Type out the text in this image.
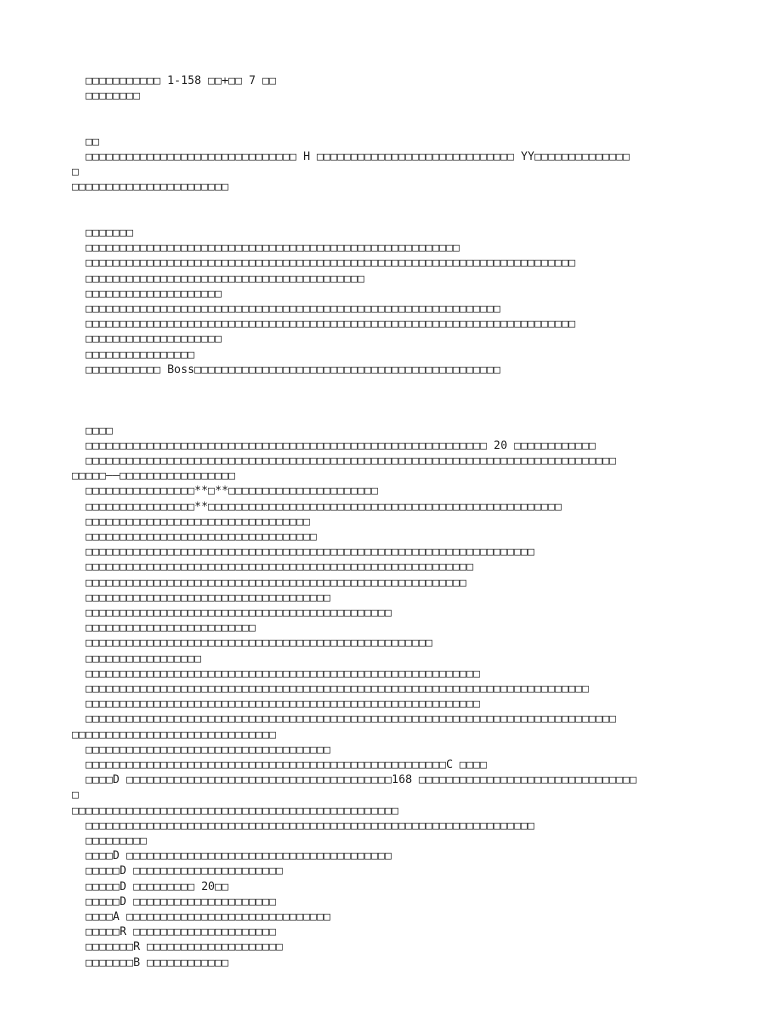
□□□□□□□□□□□ 1-158 □□+□□ 7 □□
□□□□□□□□
□□
□□□□□□□□□□□□□□□□□□□□□□□□□□□□□□□ H □□□□□□□□□□□□□□□□□□□□□□□□□□□□□ YY□□□□□□□□□□□□□□
□
□□□□□□□□□□□□□□□□□□□□□□□
□□□□□□□
□□□□□□□□□□□□□□□□□□□□□□□□□□□□□□□□□□□□□□□□□□□□□□□□□□□□□□□
□□□□□□□□□□□□□□□□□□□□□□□□□□□□□□□□□□□□□□□□□□□□□□□□□□□□□□□□□□□□□□□□□□□□□□□□
□□□□□□□□□□□□□□□□□□□□□□□□□□□□□□□□□□□□□□□□□
□□□□□□□□□□□□□□□□□□□□
□□□□□□□□□□□□□□□□□□□□□□□□□□□□□□□□□□□□□□□□□□□□□□□□□□□□□□□□□□□□□
□□□□□□□□□□□□□□□□□□□□□□□□□□□□□□□□□□□□□□□□□□□□□□□□□□□□□□□□□□□□□□□□□□□□□□□□
□□□□□□□□□□□□□□□□□□□□
□□□□□□□□□□□□□□□□
□□□□□□□□□□□ Boss□□□□□□□□□□□□□□□□□□□□□□□□□□□□□□□□□□□□□□□□□□□□□
□□□□
□□□□□□□□□□□□□□□□□□□□□□□□□□□□□□□□□□□□□□□□□□□□□□□□□□□□□□□□□□□ 20 □□□□□□□□□□□□
□□□□□□□□□□□□□□□□□□□□□□□□□□□□□□□□□□□□□□□□□□□□□□□□□□□□□□□□□□□□□□□□□□□□□□□□□□□□□□
□□□□□——□□□□□□□□□□□□□□□□□
□□□□□□□□□□□□□□□□**□**□□□□□□□□□□□□□□□□□□□□□□
□□□□□□□□□□□□□□□□**□□□□□□□□□□□□□□□□□□□□□□□□□□□□□□□□□□□□□□□□□□□□□□□□□□□□
□□□□□□□□□□□□□□□□□□□□□□□□□□□□□□□□□
□□□□□□□□□□□□□□□□□□□□□□□□□□□□□□□□□□
□□□□□□□□□□□□□□□□□□□□□□□□□□□□□□□□□□□□□□□□□□□□□□□□□□□□□□□□□□□□□□□□□□
□□□□□□□□□□□□□□□□□□□□□□□□□□□□□□□□□□□□□□□□□□□□□□□□□□□□□□□□□
□□□□□□□□□□□□□□□□□□□□□□□□□□□□□□□□□□□□□□□□□□□□□□□□□□□□□□□□
□□□□□□□□□□□□□□□□□□□□□□□□□□□□□□□□□□□□
□□□□□□□□□□□□□□□□□□□□□□□□□□□□□□□□□□□□□□□□□□□□□
□□□□□□□□□□□□□□□□□□□□□□□□□
□□□□□□□□□□□□□□□□□□□□□□□□□□□□□□□□□□□□□□□□□□□□□□□□□□□
□□□□□□□□□□□□□□□□□
□□□□□□□□□□□□□□□□□□□□□□□□□□□□□□□□□□□□□□□□□□□□□□□□□□□□□□□□□□
□□□□□□□□□□□□□□□□□□□□□□□□□□□□□□□□□□□□□□□□□□□□□□□□□□□□□□□□□□□□□□□□□□□□□□□□□□
□□□□□□□□□□□□□□□□□□□□□□□□□□□□□□□□□□□□□□□□□□□□□□□□□□□□□□□□□□
□□□□□□□□□□□□□□□□□□□□□□□□□□□□□□□□□□□□□□□□□□□□□□□□□□□□□□□□□□□□□□□□□□□□□□□□□□□□□□
□□□□□□□□□□□□□□□□□□□□□□□□□□□□□□
□□□□□□□□□□□□□□□□□□□□□□□□□□□□□□□□□□□□
□□□□□□□□□□□□□□□□□□□□□□□□□□□□□□□□□□□□□□□□□□□□□□□□□□□□□C □□□□
□□□□D □□□□□□□□□□□□□□□□□□□□□□□□□□□□□□□□□□□□□□□168 □□□□□□□□□□□□□□□□□□□□□□□□□□□□□□□□
□
□□□□□□□□□□□□□□□□□□□□□□□□□□□□□□□□□□□□□□□□□□□□□□□□
□□□□□□□□□□□□□□□□□□□□□□□□□□□□□□□□□□□□□□□□□□□□□□□□□□□□□□□□□□□□□□□□□□
□□□□□□□□□
□□□□D □□□□□□□□□□□□□□□□□□□□□□□□□□□□□□□□□□□□□□□
□□□□□D □□□□□□□□□□□□□□□□□□□□□□
□□□□□D □□□□□□□□□ 20□□
□□□□□D □□□□□□□□□□□□□□□□□□□□□
□□□□A □□□□□□□□□□□□□□□□□□□□□□□□□□□□□□
□□□□□R □□□□□□□□□□□□□□□□□□□□□
□□□□□□□R □□□□□□□□□□□□□□□□□□□□
□□□□□□□B □□□□□□□□□□□□
